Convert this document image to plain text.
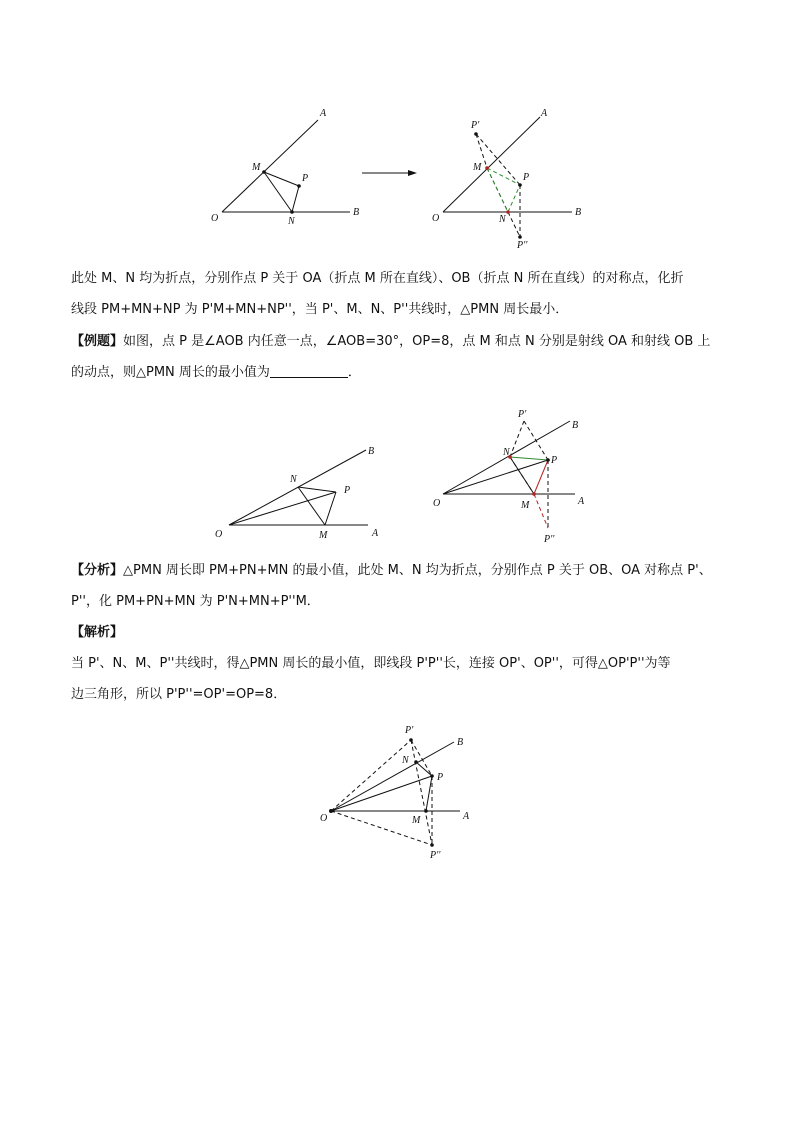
O
B
A
M
P
N	O
B
A
P'
M
P
N
P''
此处 M、N 均为折点，分别作点 P 关于 OA（折点 M 所在直线）、OB（折点 N 所在直线）的对称点，化折
线段 PM+MN+NP 为 P'M+MN+NP''，当 P'、M、N、P''共线时，△PMN 周长最小．
【例题】如图，点 P 是∠AOB 内任意一点，∠AOB=30°，OP=8，点 M 和点 N 分别是射线 OA 和射线 OB 上
的动点，则△PMN 周长的最小值为	．
O	A
B
N
P
M
O	A
B
P'
N
P
M
P''
【分析】△PMN 周长即 PM+PN+MN 的最小值，此处 M、N 均为折点，分别作点 P 关于 OB、OA 对称点 P'、
P''，化 PM+PN+MN 为 P'N+MN+P''M．
【解析】
当 P'、N、M、P''共线时，得△PMN 周长的最小值，即线段 P'P''长，连接 OP'、OP''，可得△OP'P''为等
边三角形，所以 P'P''=OP'=OP=8．
O	A
B
P'
N
P
M
P''
